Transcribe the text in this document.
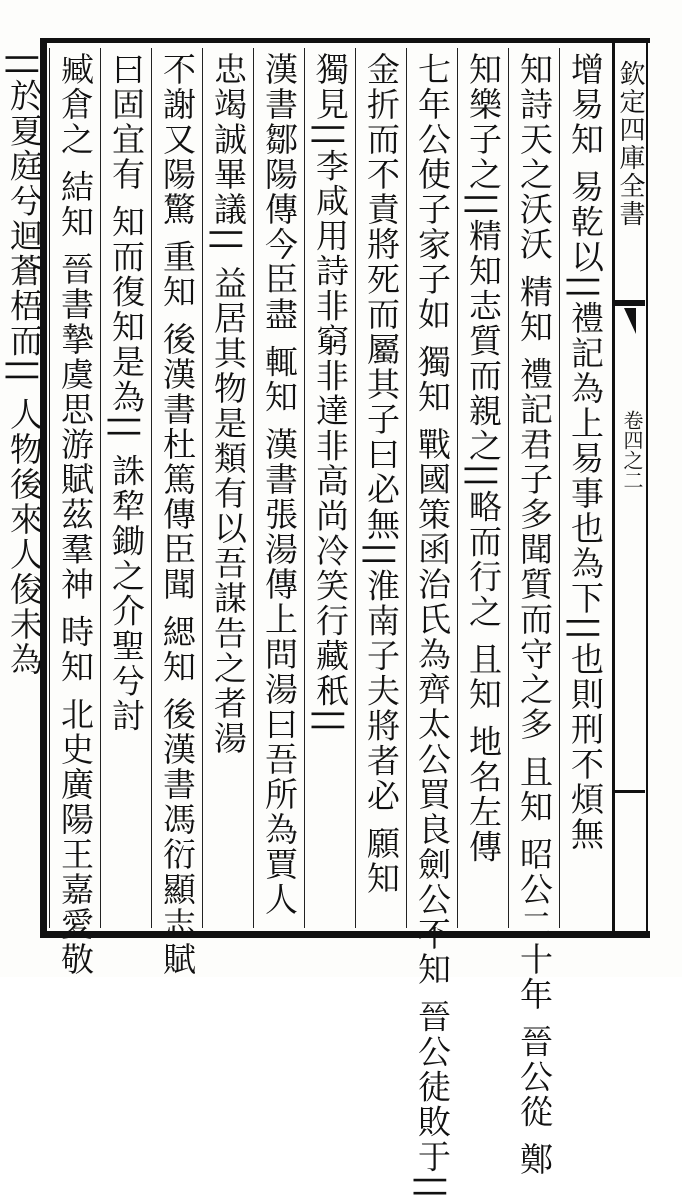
欽定四庫全書
卷四之二
增易知 易乾以||禮記為上易事也為下||也則刑不煩無
知詩天之沃沃 精知 禮記君子多聞質而守之多 且知 昭公二十年 晉公從 鄭
知樂子之||精知志質而親之||略而行之 且知 地名左傳
七年公使子家子如 獨知 戰國策函治氏為齊太公買良劍公不知 晉公徒敗于||
金折而不責將死而屬其子曰必無||淮南子夫將者必 願知
獨見||李咸用詩非窮非達非高尚冷笑行藏秖||
漢書鄒陽傳今臣盡 輒知 漢書張湯傳上問湯曰吾所為賈人
忠竭誠畢議|| 益居其物是類有以吾謀告之者湯
不謝又陽驚 重知 後漢書杜篤傳臣聞 緦知 後漢書馮衍顯志賦
曰固宜有 知而復知是為|| 誅犂鋤之介聖兮討
臧倉之 結知 晉書摯虞思游賦茲羣神 時知 北史廣陽王嘉愛敬
||於夏庭兮迴蒼梧而|| 人物後來人俊未為
